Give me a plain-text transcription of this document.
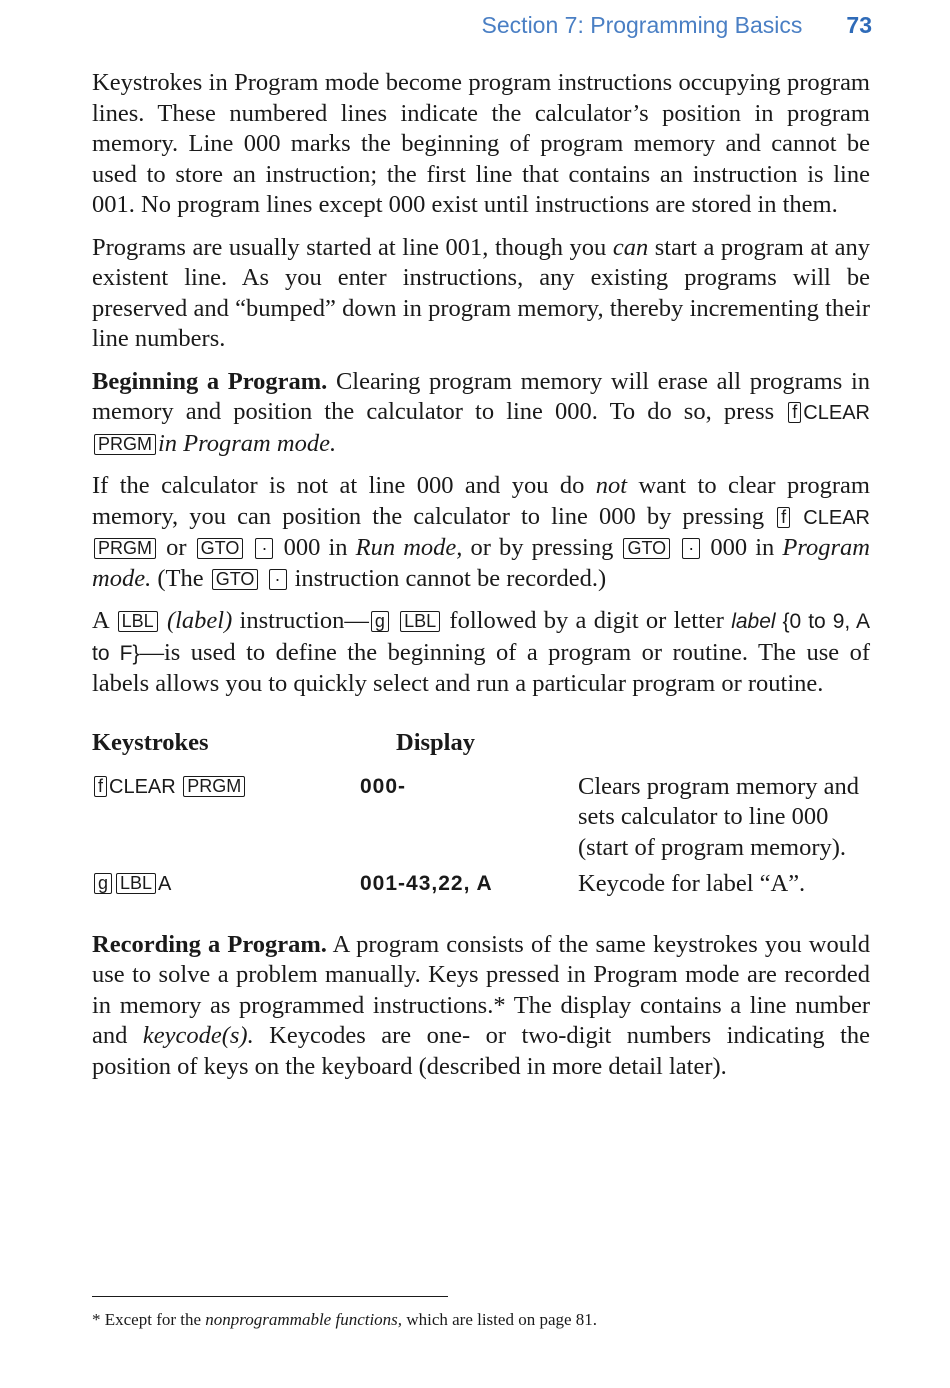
Section 7: Programming Basics 73

Keystrokes in Program mode become program instructions occupying program lines. These numbered lines indicate the calculator’s position in program memory. Line 000 marks the beginning of program memory and cannot be used to store an instruction; the first line that contains an instruction is line 001. No program lines except 000 exist until instructions are stored in them.

Programs are usually started at line 001, though you can start a program at any existent line. As you enter instructions, any existing programs will be preserved and “bumped” down in program memory, thereby incrementing their line numbers.

Beginning a Program. Clearing program memory will erase all programs in memory and position the calculator to line 000. To do so, press f CLEAR PRGM in Program mode.

If the calculator is not at line 000 and you do not want to clear program memory, you can position the calculator to line 000 by pressing f CLEAR PRGM or GTO · 000 in Run mode, or by pressing GTO · 000 in Program mode. (The GTO · instruction cannot be recorded.)

A LBL (label) instruction— g LBL followed by a digit or letter label {0 to 9, A to F}—is used to define the beginning of a program or routine. The use of labels allows you to quickly select and run a particular program or routine.

Keystrokes	Display
f CLEAR PRGM	000-	Clears program memory and sets calculator to line 000 (start of program memory).
g LBL A	001-43,22, A	Keycode for label “A”.

Recording a Program. A program consists of the same keystrokes you would use to solve a problem manually. Keys pressed in Program mode are recorded in memory as programmed instructions.* The display contains a line number and keycode(s). Keycodes are one- or two-digit numbers indicating the position of keys on the keyboard (described in more detail later).

* Except for the nonprogrammable functions, which are listed on page 81.
